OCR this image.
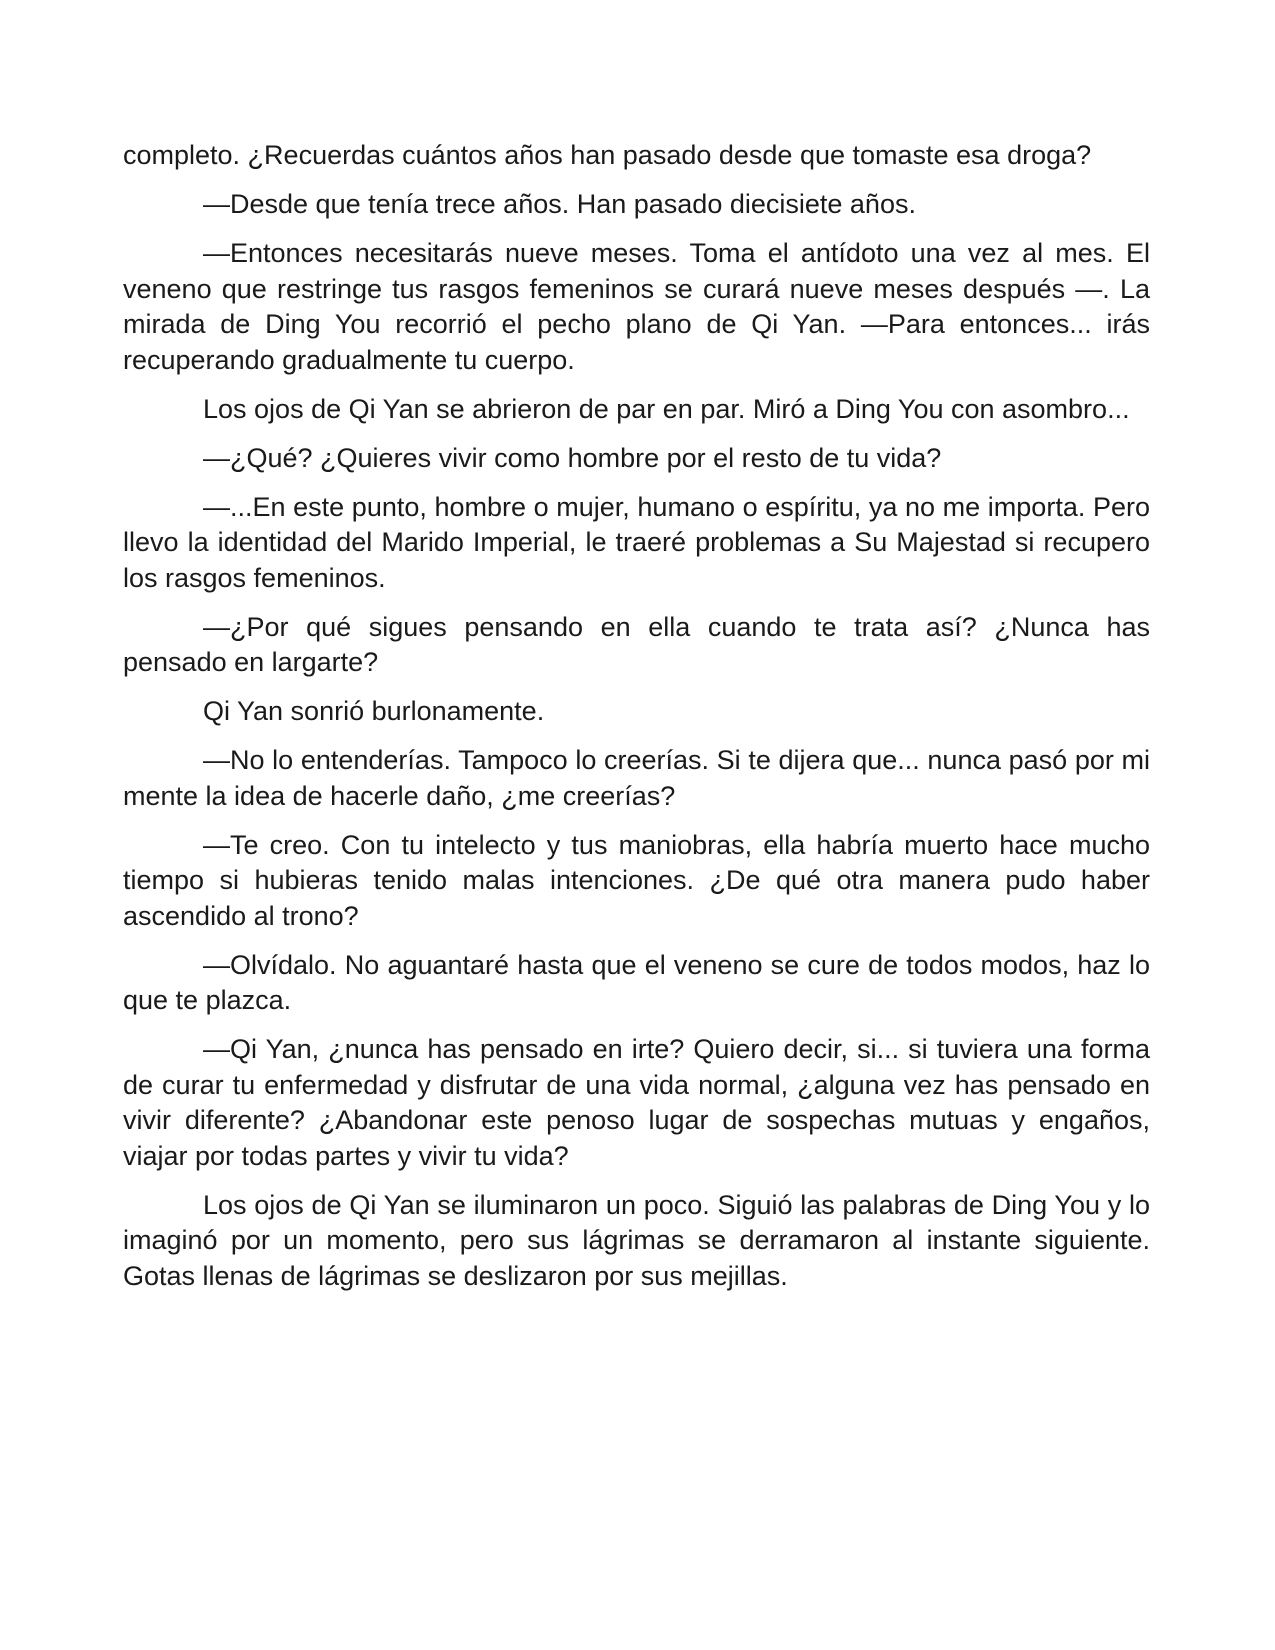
completo. ¿Recuerdas cuántos años han pasado desde que tomaste esa droga?

—Desde que tenía trece años. Han pasado diecisiete años.

—Entonces necesitarás nueve meses. Toma el antídoto una vez al mes. El veneno que restringe tus rasgos femeninos se curará nueve meses después —. La mirada de Ding You recorrió el pecho plano de Qi Yan. —Para entonces... irás recuperando gradualmente tu cuerpo.

Los ojos de Qi Yan se abrieron de par en par. Miró a Ding You con asombro...

—¿Qué? ¿Quieres vivir como hombre por el resto de tu vida?

—...En este punto, hombre o mujer, humano o espíritu, ya no me importa. Pero llevo la identidad del Marido Imperial, le traeré problemas a Su Majestad si recupero los rasgos femeninos.

—¿Por qué sigues pensando en ella cuando te trata así? ¿Nunca has pensado en largarte?

Qi Yan sonrió burlonamente.

—No lo entenderías. Tampoco lo creerías. Si te dijera que... nunca pasó por mi mente la idea de hacerle daño, ¿me creerías?

—Te creo. Con tu intelecto y tus maniobras, ella habría muerto hace mucho tiempo si hubieras tenido malas intenciones. ¿De qué otra manera pudo haber ascendido al trono?

—Olvídalo. No aguantaré hasta que el veneno se cure de todos modos, haz lo que te plazca.

—Qi Yan, ¿nunca has pensado en irte? Quiero decir, si... si tuviera una forma de curar tu enfermedad y disfrutar de una vida normal, ¿alguna vez has pensado en vivir diferente? ¿Abandonar este penoso lugar de sospechas mutuas y engaños, viajar por todas partes y vivir tu vida?

Los ojos de Qi Yan se iluminaron un poco. Siguió las palabras de Ding You y lo imaginó por un momento, pero sus lágrimas se derramaron al instante siguiente. Gotas llenas de lágrimas se deslizaron por sus mejillas.
